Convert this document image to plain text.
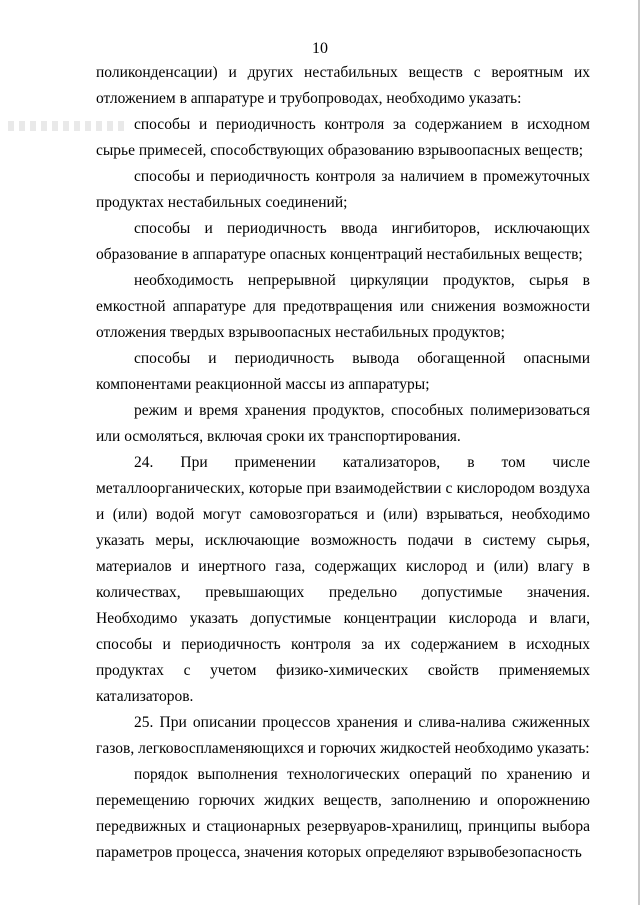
10

поликонденсации) и других нестабильных веществ с вероятным их отложением в аппаратуре и трубопроводах, необходимо указать:

способы и периодичность контроля за содержанием в исходном сырье примесей, способствующих образованию взрывоопасных веществ;

способы и периодичность контроля за наличием в промежуточных продуктах нестабильных соединений;

способы и периодичность ввода ингибиторов, исключающих образование в аппаратуре опасных концентраций нестабильных веществ;

необходимость непрерывной циркуляции продуктов, сырья в емкостной аппаратуре для предотвращения или снижения возможности отложения твердых взрывоопасных нестабильных продуктов;

способы и периодичность вывода обогащенной опасными компонентами реакционной массы из аппаратуры;

режим и время хранения продуктов, способных полимеризоваться или осмоляться, включая сроки их транспортирования.

24. При применении катализаторов, в том числе металлоорганических, которые при взаимодействии с кислородом воздуха и (или) водой могут самовозгораться и (или) взрываться, необходимо указать меры, исключающие возможность подачи в систему сырья, материалов и инертного газа, содержащих кислород и (или) влагу в количествах, превышающих предельно допустимые значения. Необходимо указать допустимые концентрации кислорода и влаги, способы и периодичность контроля за их содержанием в исходных продуктах с учетом физико-химических свойств применяемых катализаторов.

25. При описании процессов хранения и слива-налива сжиженных газов, легковоспламеняющихся и горючих жидкостей необходимо указать:

порядок выполнения технологических операций по хранению и перемещению горючих жидких веществ, заполнению и опорожнению передвижных и стационарных резервуаров-хранилищ, принципы выбора параметров процесса, значения которых определяют взрывобезопасность
